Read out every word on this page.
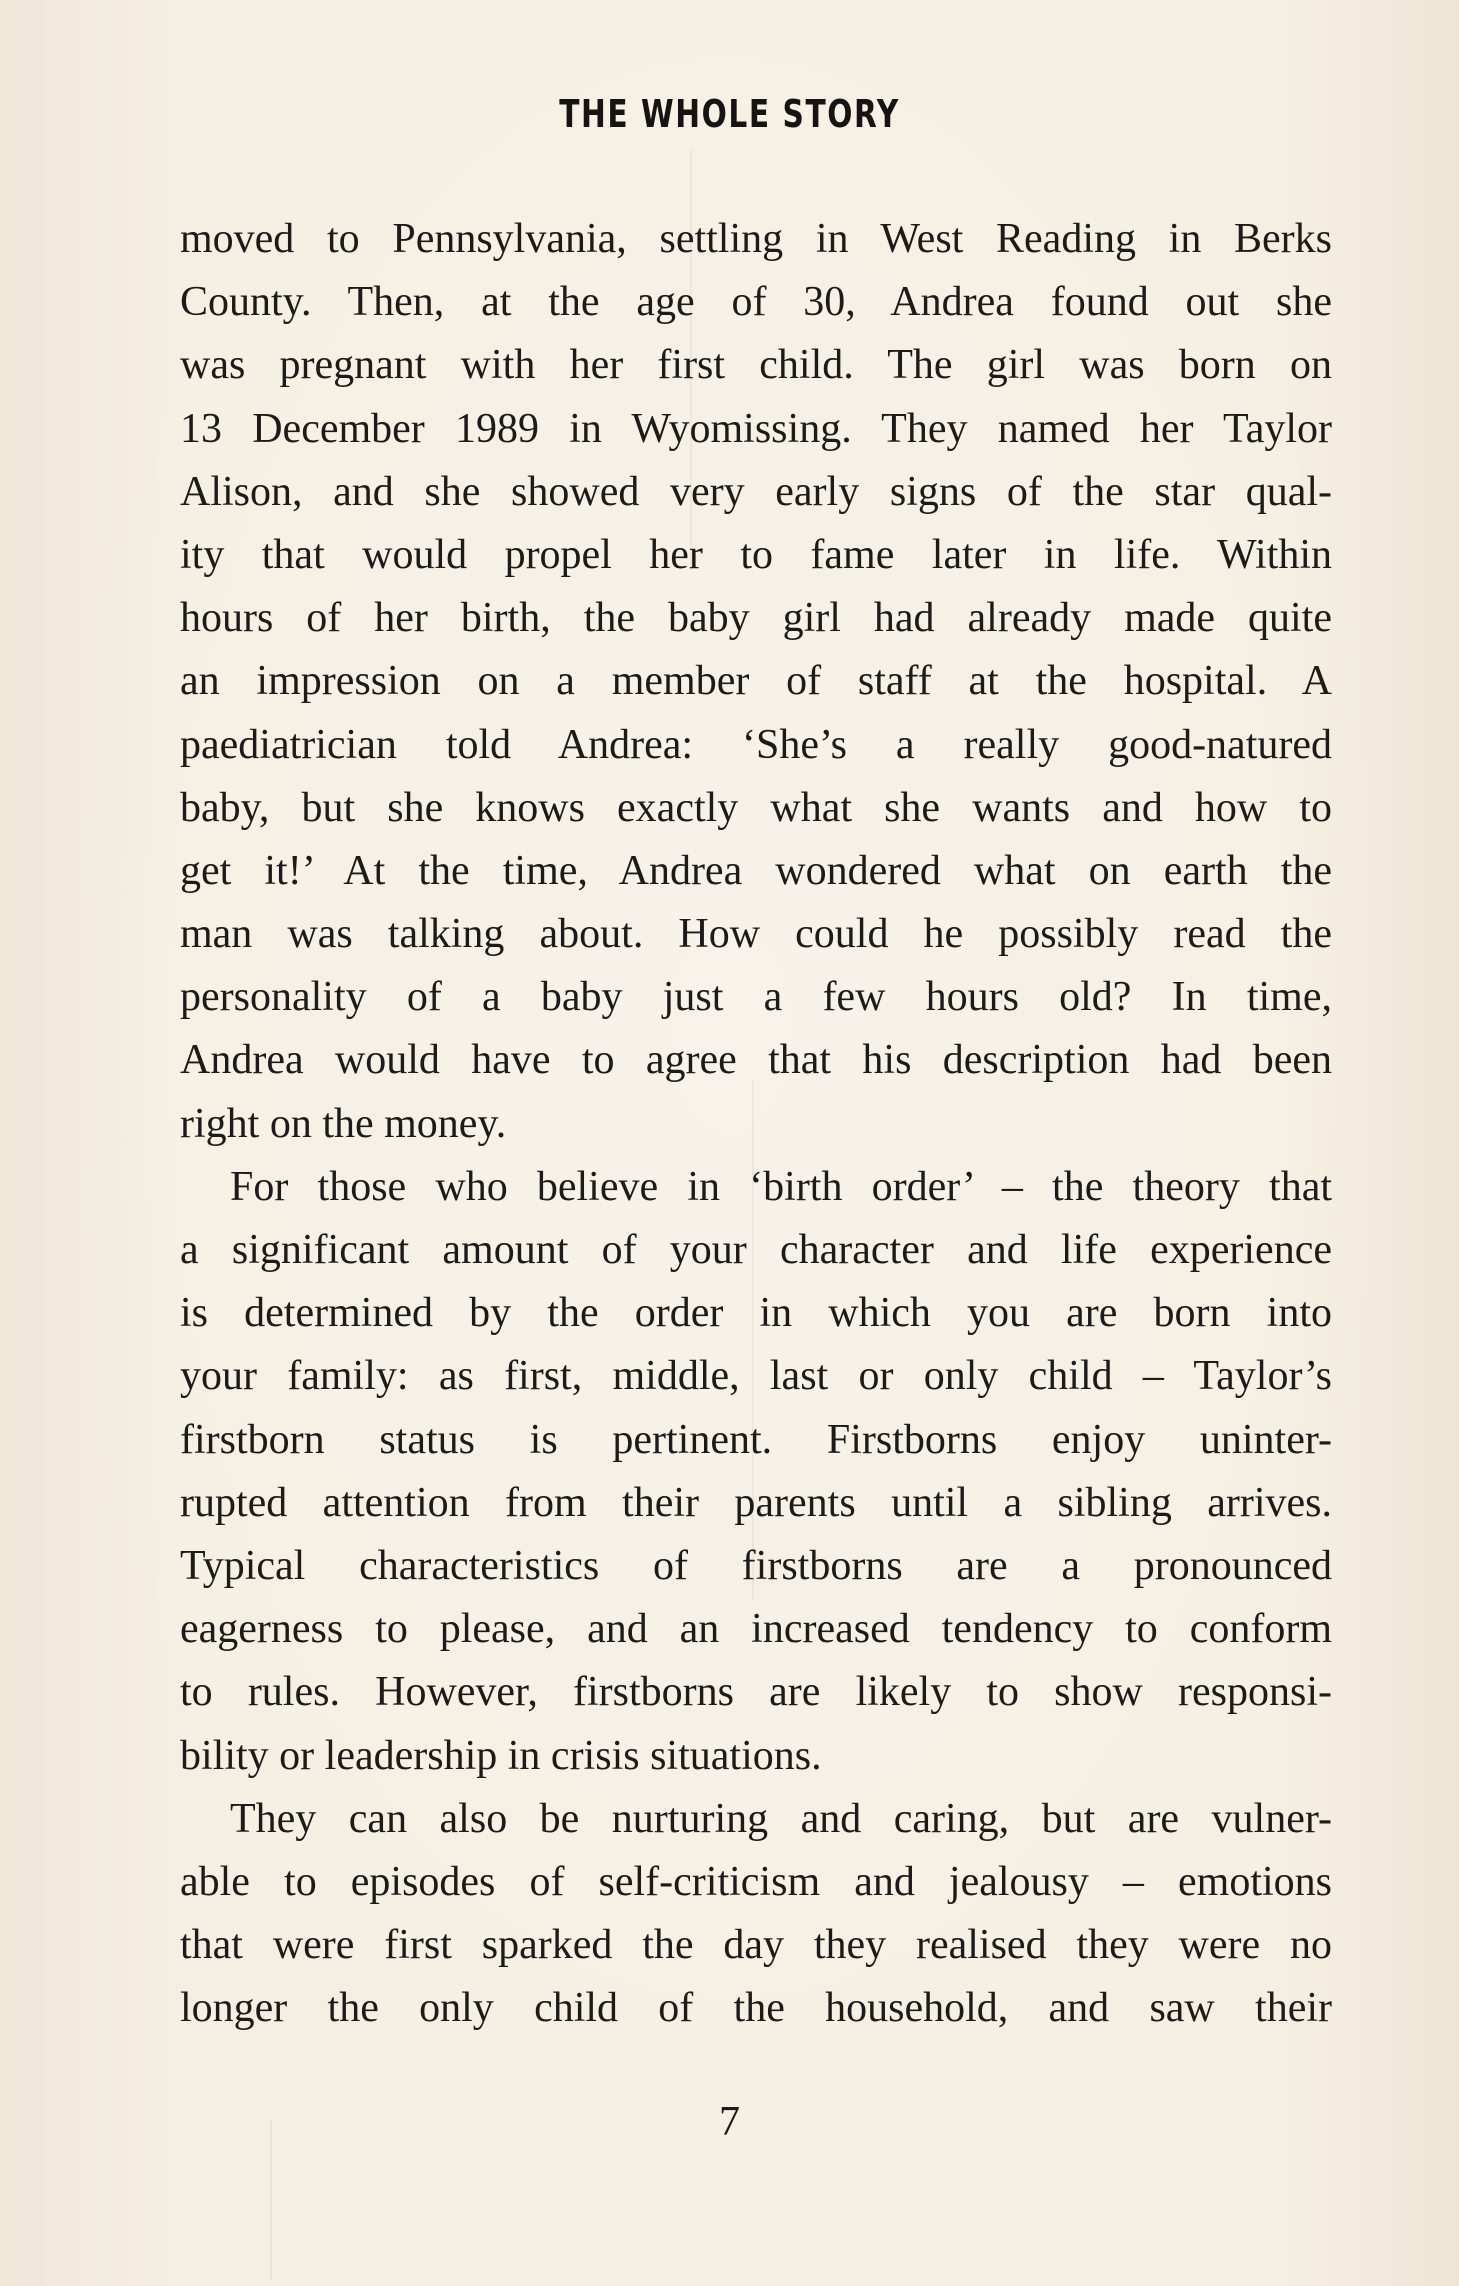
THE WHOLE STORY
moved to Pennsylvania, settling in West Reading in Berks
County. Then, at the age of 30, Andrea found out she
was pregnant with her first child. The girl was born on
13 December 1989 in Wyomissing. They named her Taylor
Alison, and she showed very early signs of the star qual-
ity that would propel her to fame later in life. Within
hours of her birth, the baby girl had already made quite
an impression on a member of staff at the hospital. A
paediatrician told Andrea: ‘She’s a really good-natured
baby, but she knows exactly what she wants and how to
get it!’ At the time, Andrea wondered what on earth the
man was talking about. How could he possibly read the
personality of a baby just a few hours old? In time,
Andrea would have to agree that his description had been
right on the money.
For those who believe in ‘birth order’ – the theory that
a significant amount of your character and life experience
is determined by the order in which you are born into
your family: as first, middle, last or only child – Taylor’s
firstborn status is pertinent. Firstborns enjoy uninter-
rupted attention from their parents until a sibling arrives.
Typical characteristics of firstborns are a pronounced
eagerness to please, and an increased tendency to conform
to rules. However, firstborns are likely to show responsi-
bility or leadership in crisis situations.
They can also be nurturing and caring, but are vulner-
able to episodes of self-criticism and jealousy – emotions
that were first sparked the day they realised they were no
longer the only child of the household, and saw their
7
